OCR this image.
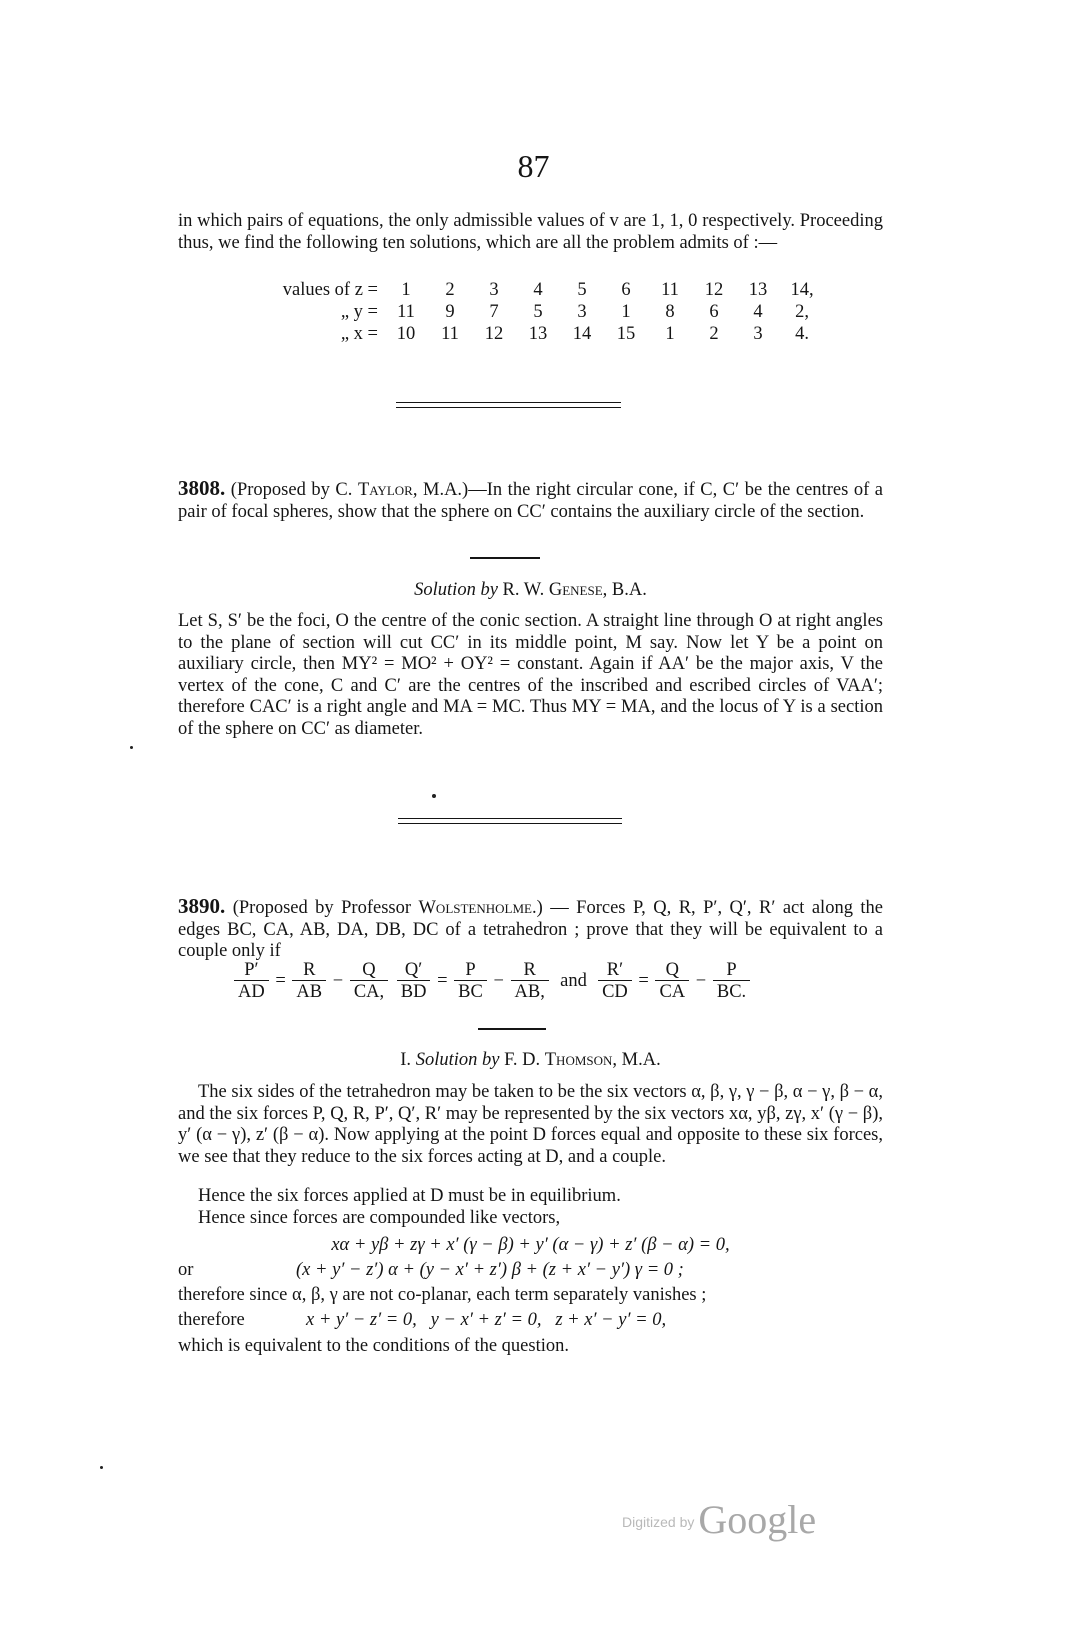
87
in which pairs of equations, the only admissible values of v are 1, 1, 0 respectively. Proceeding thus, we find the following ten solutions, which are all the problem admits of :—
values of z =	1	2	3	4	5	6	11	12	13	14,
„ y =	11	9	7	5	3	1	8	6	4	2,
„ x =	10	11	12	13	14	15	1	2	3	4.
3808. (Proposed by C. Taylor, M.A.)—In the right circular cone, if C, C′ be the centres of a pair of focal spheres, show that the sphere on CC′ contains the auxiliary circle of the section.
Solution by R. W. Genese, B.A.
Let S, S′ be the foci, O the centre of the conic section. A straight line through O at right angles to the plane of section will cut CC′ in its middle point, M say. Now let Y be a point on auxiliary circle, then MY² = MO² + OY² = constant. Again if AA′ be the major axis, V the vertex of the cone, C and C′ are the centres of the inscribed and escribed circles of VAA′; therefore CAC′ is a right angle and MA = MC. Thus MY = MA, and the locus of Y is a section of the sphere on CC′ as diameter.
3890. (Proposed by Professor Wolstenholme.) — Forces P, Q, R, P′, Q′, R′ act along the edges BC, CA, AB, DA, DB, DC of a tetrahedron ; prove that they will be equivalent to a couple only if
$\frac{P'}{AD} = \frac{R}{AB} - \frac{Q}{CA,}$
$\frac{Q'}{BD} = \frac{P}{BC} - \frac{R}{AB,}$ and $\frac{R'}{CD} = \frac{Q}{CA} - \frac{P}{BC.}$
I. Solution by F. D. Thomson, M.A.
The six sides of the tetrahedron may be taken to be the six vectors α, β, γ, γ − β, α − γ, β − α, and the six forces P, Q, R, P′, Q′, R′ may be represented by the six vectors xα, yβ, zγ, x′ (γ − β), y′ (α − γ), z′ (β − α). Now applying at the point D forces equal and opposite to these six forces, we see that they reduce to the six forces acting at D, and a couple.
Hence the six forces applied at D must be in equilibrium.
Hence since forces are compounded like vectors,
xα + yβ + zγ + x′ (γ − β) + y′ (α − γ) + z′ (β − α) = 0,
or	(x + y′ − z′) α + (y − x′ + z′) β + (z + x′ − y′) γ = 0 ;
therefore since α, β, γ are not co-planar, each term separately vanishes ;
therefore	x + y′ − z′ = 0,   y − x′ + z′ = 0,   z + x′ − y′ = 0,
which is equivalent to the conditions of the question.
Digitized by Google
